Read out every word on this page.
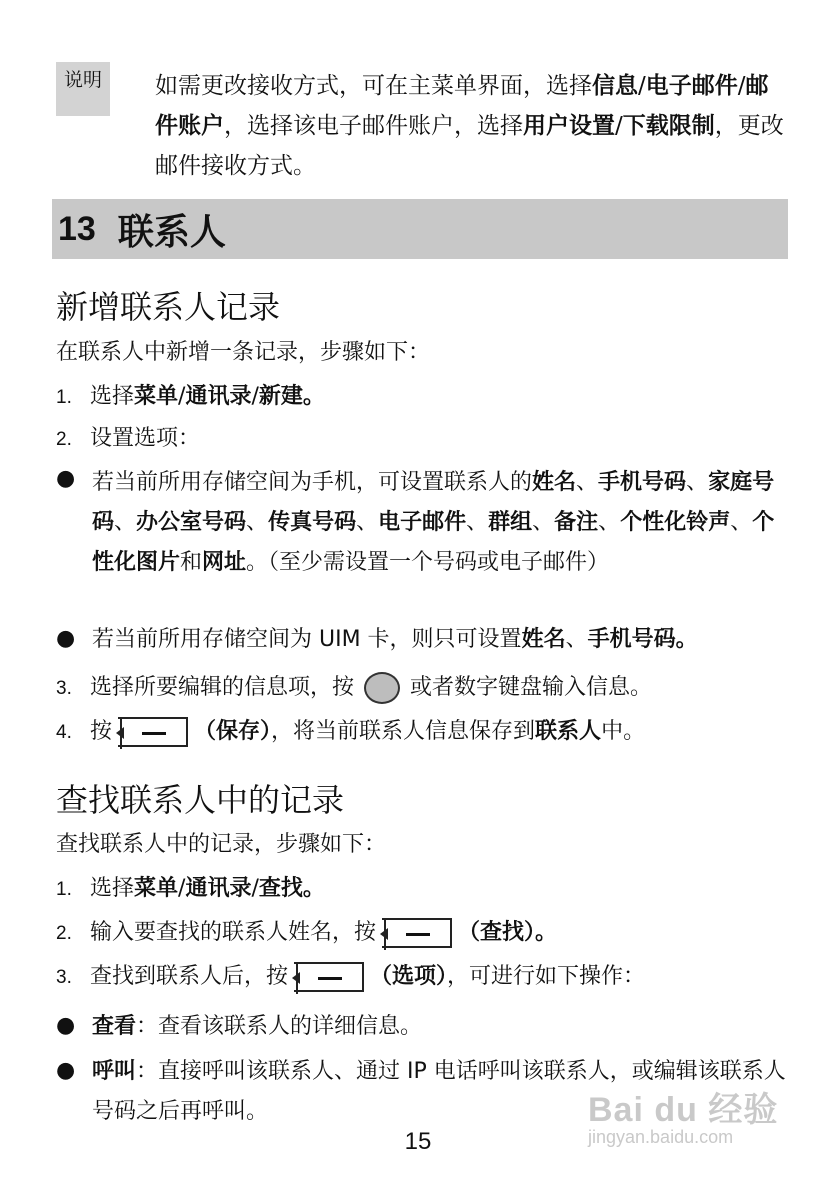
说明	如需更改接收方式，可在主菜单界面，选择信息/电子邮件/邮件账户，选择该电子邮件账户，选择用户设置/下载限制，更改邮件接收方式。
13 联系人
新增联系人记录
在联系人中新增一条记录，步骤如下：
1. 选择菜单/通讯录/新建。
2. 设置选项：
● 若当前所用存储空间为手机，可设置联系人的姓名、手机号码、家庭号码、办公室号码、传真号码、电子邮件、群组、备注、个性化铃声、个性化图片和网址。（至少需设置一个号码或电子邮件）
● 若当前所用存储空间为 UIM 卡，则只可设置姓名、手机号码。
3. 选择所要编辑的信息项，按	或者数字键盘输入信息。
4. 按	（保存），将当前联系人信息保存到联系人中。
查找联系人中的记录
查找联系人中的记录，步骤如下：
1. 选择菜单/通讯录/查找。
2. 输入要查找的联系人姓名，按	（查找）。
3. 查找到联系人后，按	（选项），可进行如下操作：
● 查看：查看该联系人的详细信息。
● 呼叫：直接呼叫该联系人、通过 IP 电话呼叫该联系人，或编辑该联系人号码之后再呼叫。	Bai du 经验
jingyan.baidu.com
15
